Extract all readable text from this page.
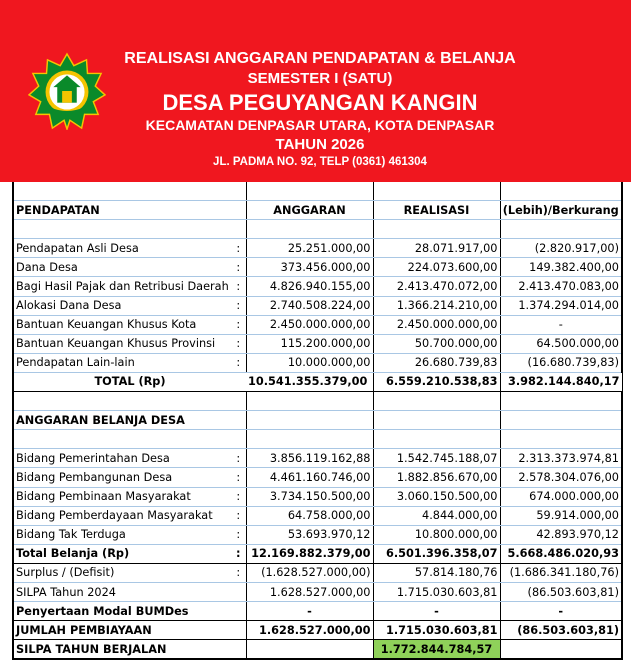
REALISASI ANGGARAN PENDAPATAN & BELANJA
SEMESTER I (SATU)
DESA PEGUYANGAN KANGIN
KECAMATAN DENPASAR UTARA, KOTA DENPASAR
TAHUN 2026
JL. PADMA NO. 92, TELP (0361) 461304

PENDAPATAN		ANGGARAN	REALISASI	(Lebih)/Berkurang

Pendapatan Asli Desa	:	25.251.000,00	28.071.917,00	(2.820.917,00)
Dana Desa	:	373.456.000,00	224.073.600,00	149.382.400,00
Bagi Hasil Pajak dan Retribusi Daerah	:	4.826.940.155,00	2.413.470.072,00	2.413.470.083,00
Alokasi Dana Desa	:	2.740.508.224,00	1.366.214.210,00	1.374.294.014,00
Bantuan Keuangan Khusus Kota	:	2.450.000.000,00	2.450.000.000,00	-
Bantuan Keuangan Khusus Provinsi	:	115.200.000,00	50.700.000,00	64.500.000,00
Pendapatan Lain-lain	:	10.000.000,00	26.680.739,83	(16.680.739,83)
TOTAL (Rp)		10.541.355.379,00	6.559.210.538,83	3.982.144.840,17

ANGGARAN BELANJA DESA				

Bidang Pemerintahan Desa	:	3.856.119.162,88	1.542.745.188,07	2.313.373.974,81
Bidang Pembangunan Desa	:	4.461.160.746,00	1.882.856.670,00	2.578.304.076,00
Bidang Pembinaan Masyarakat	:	3.734.150.500,00	3.060.150.500,00	674.000.000,00
Bidang Pemberdayaan Masyarakat	:	64.758.000,00	4.844.000,00	59.914.000,00
Bidang Tak Terduga	:	53.693.970,12	10.800.000,00	42.893.970,12
Total Belanja (Rp)	:	12.169.882.379,00	6.501.396.358,07	5.668.486.020,93
Surplus / (Defisit)	:	(1.628.527.000,00)	57.814.180,76	(1.686.341.180,76)
SILPA Tahun 2024		1.628.527.000,00	1.715.030.603,81	(86.503.603,81)
Penyertaan Modal BUMDes		-	-	-
JUMLAH PEMBIAYAAN		1.628.527.000,00	1.715.030.603,81	(86.503.603,81)
SILPA TAHUN BERJALAN			1.772.844.784,57	
